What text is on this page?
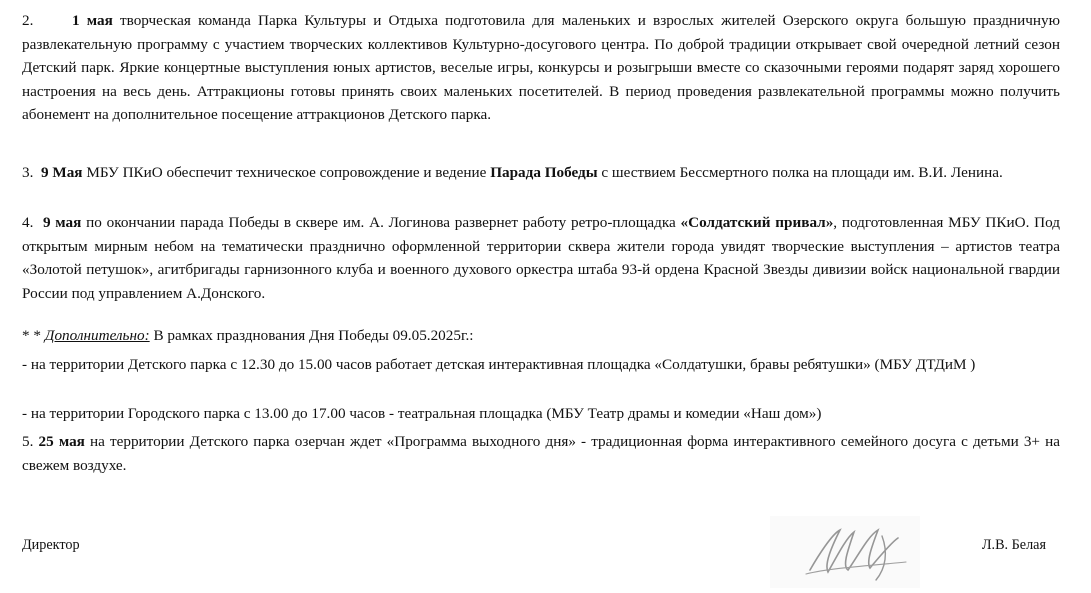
2.	1 мая творческая команда Парка Культуры и Отдыха подготовила для маленьких и взрослых жителей Озерского округа большую праздничную развлекательную программу с участием творческих коллективов Культурно-досугового центра. По доброй традиции открывает свой очередной летний сезон Детский парк. Яркие концертные выступления юных артистов, веселые игры, конкурсы и розыгрыши вместе со сказочными героями подарят заряд хорошего настроения на весь день. Аттракционы готовы принять своих маленьких посетителей. В период проведения развлекательной программы можно получить абонемент на дополнительное посещение аттракционов Детского парка.

3. 9 Мая МБУ ПКиО обеспечит техническое сопровождение и ведение Парада Победы с шествием Бессмертного полка на площади им. В.И. Ленина.

4. 9 мая по окончании парада Победы в сквере им. А. Логинова развернет работу ретро-площадка «Солдатский привал», подготовленная МБУ ПКиО. Под открытым мирным небом на тематически празднично оформленной территории сквера жители города увидят творческие выступления – артистов театра «Золотой петушок», агитбригады гарнизонного клуба и военного духового оркестра штаба 93-й ордена Красной Звезды дивизии войск национальной гвардии России под управлением А.Донского.

* * Дополнительно: В рамках празднования Дня Победы 09.05.2025г.:

- на территории Детского парка с 12.30 до 15.00 часов работает детская интерактивная площадка «Солдатушки, бравы ребятушки» (МБУ ДТДиМ )

- на территории Городского парка с 13.00 до 17.00 часов - театральная площадка (МБУ Театр драмы и комедии «Наш дом»)

5. 25 мая на территории Детского парка озерчан ждет «Программа выходного дня» - традиционная форма интерактивного семейного досуга с детьми 3+ на свежем воздухе.

Директор	Л.В. Белая
